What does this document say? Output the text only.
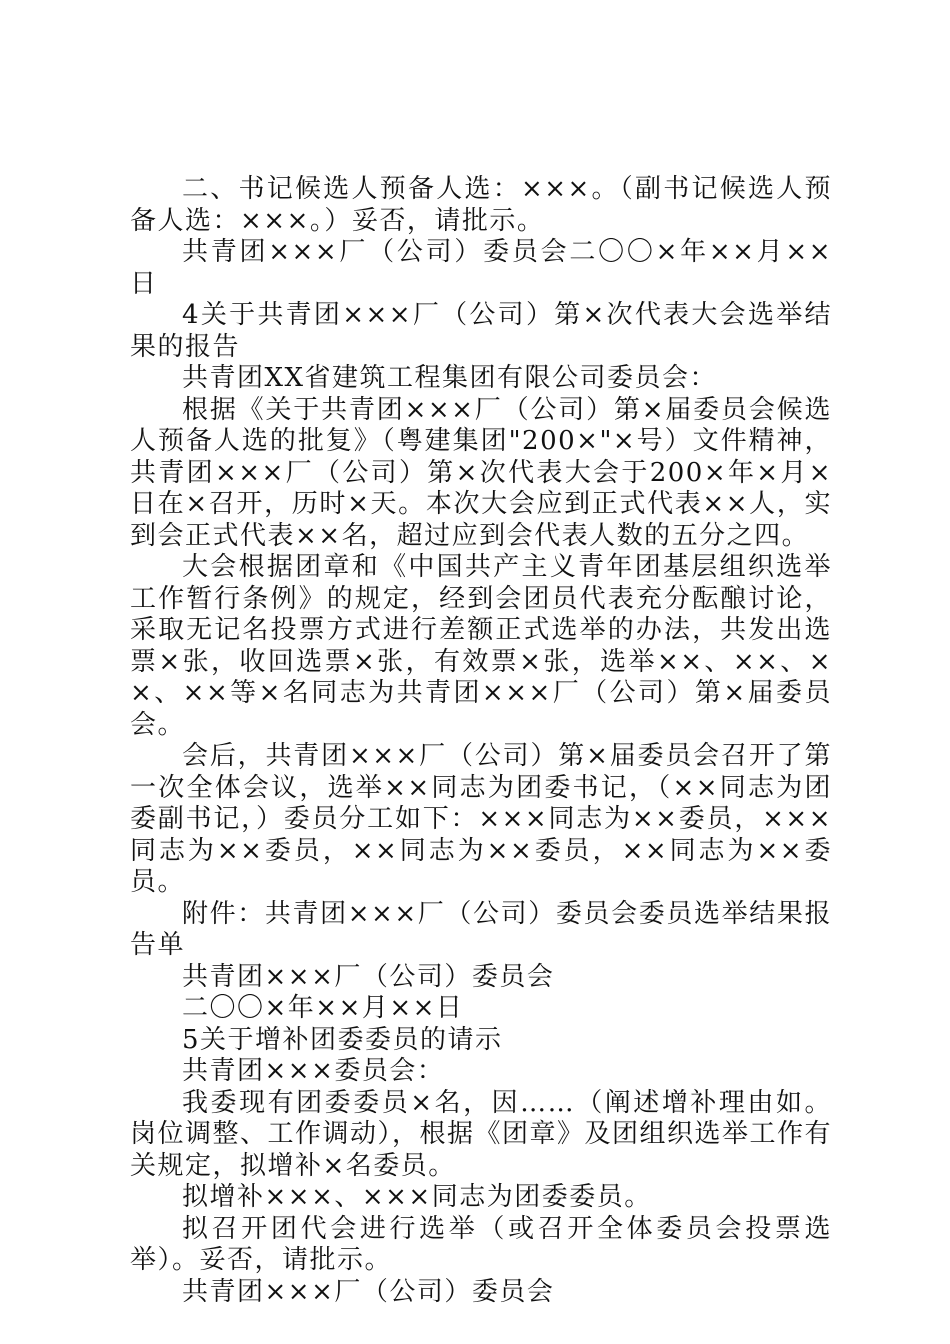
二、书记候选人预备人选：×××。（副书记候选人预备人选：×××。）妥否，请批示。

共青团×××厂（公司）委员会二〇〇×年××月××日

4关于共青团×××厂（公司）第×次代表大会选举结果的报告

共青团XX省建筑工程集团有限公司委员会：

根据《关于共青团×××厂（公司）第×届委员会候选人预备人选的批复》（粤建集团"200×"×号）文件精神，共青团×××厂（公司）第×次代表大会于200×年×月×日在×召开，历时×天。本次大会应到正式代表××人，实到会正式代表××名，超过应到会代表人数的五分之四。

大会根据团章和《中国共产主义青年团基层组织选举工作暂行条例》的规定，经到会团员代表充分酝酿讨论，采取无记名投票方式进行差额正式选举的办法，共发出选票×张，收回选票×张，有效票×张，选举××、××、××、××等×名同志为共青团×××厂（公司）第×届委员会。

会后，共青团×××厂（公司）第×届委员会召开了第一次全体会议，选举××同志为团委书记，（××同志为团委副书记，）委员分工如下：×××同志为××委员，×××同志为××委员，××同志为××委员，××同志为××委员。

附件：共青团×××厂（公司）委员会委员选举结果报告单

共青团×××厂（公司）委员会

二〇〇×年××月××日

5关于增补团委委员的请示

共青团×××委员会：

我委现有团委委员×名，因……（阐述增补理由如。岗位调整、工作调动），根据《团章》及团组织选举工作有关规定，拟增补×名委员。

拟增补×××、×××同志为团委委员。

拟召开团代会进行选举（或召开全体委员会投票选举）。妥否，请批示。

共青团×××厂（公司）委员会
